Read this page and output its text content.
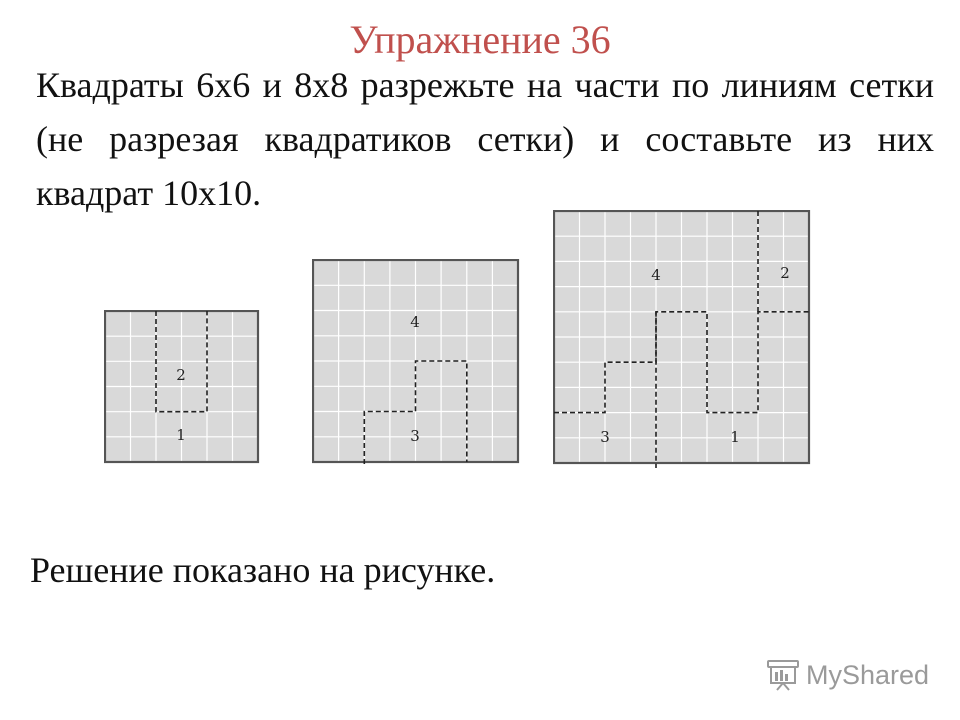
Упражнение 36
Квадраты 6х6 и 8х8 разрежьте на части по линиям сетки (не разрезая квадратиков сетки) и составьте из них квадрат 10х10.
2
1
4
3
4	2
3	1
Решение показано на рисунке.
MyShared
